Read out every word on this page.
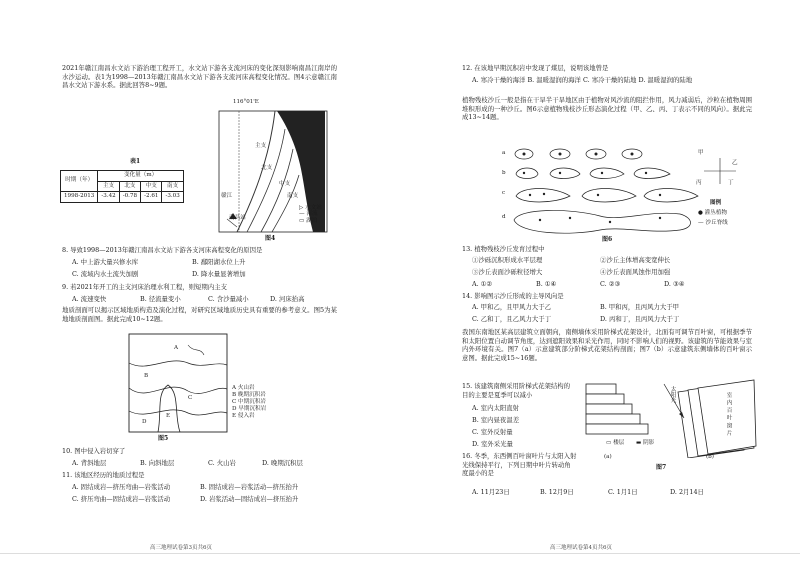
2021年赣江南昌水文站下游治理工程开工，水文站下游各支流河床的变化深刻影响南昌江南岸的水沙运动。表1为1998—2013年赣江南昌水文站下游各支流河床高程变化情况。图4示意赣江南昌水文站下游水系。据此回答8~9题。
116°01'E
主支
北支
中支
南支
赣江
南昌站
▷ 水文站
— 河流
▭ 湖泊
图4
表1
时期（年）	变化量（m）			
	主支	北支	中支	南支
1998-2013	-3.42	-0.78	-2.61	-3.03
8. 导致1998—2013年赣江南昌水文站下游各支河床高程变化的原因是
A. 中上游大量兴修水库	B. 鄱阳湖水位上升
C. 流域内水土流失加剧	D. 降水量显著增加
9. 若2021年开工的主支河床治理水利工程，则短期内主支
A. 流速变快	B. 径流量变小	C. 含沙量减小	D. 河床抬高
地质剖面可以揭示区域地质构造及演化过程，对研究区域地质历史具有重要的参考意义。图5为某地地质剖面图。据此完成10~12题。
A
B
C
D
E
A 火山岩
B 晚期沉积岩
C 中期沉积岩
D 早期沉积岩
E 侵入岩
图5
10. 图中侵入岩切穿了
A. 背斜地层	B. 向斜地层	C. 火山岩	D. 晚期沉积层
11. 该地区经历的地质过程是
A. 固结成岩—挤压弯曲—岩浆活动	B. 固结成岩—岩浆活动—挤压抬升
C. 挤压弯曲—固结成岩—岩浆活动	D. 岩浆活动—固结成岩—挤压抬升
高三地理试卷第3页共6页
12. 在该地早期沉积岩中发现了煤层，说明该地曾是
A. 寒冷干燥的海洋 B. 温暖湿润的海洋 C. 寒冷干燥的陆地 D. 温暖湿润的陆地
植物残枝沙丘一般是指在干旱半干旱地区由于植物对风沙流的阻拦作用，风力减弱后，沙粒在植物周围堆积形成的一种沙丘。图6示意植物残枝沙丘形态演化过程（甲、乙、丙、丁表示不同的风向）。据此完成13~14题。
a
b
c
d
甲
乙
丙	丁
图例
● 灌丛植物
— 沙丘脊线
图6
13. 植物残枝沙丘发育过程中
①沙砾沉积形成水平层理	②沙丘主体增高变宽伸长
③沙丘表面沙砾粒径增大	④沙丘表面风蚀作用加强
A. ①②	B. ①④	C. ②③	D. ③④
14. 影响图示沙丘形成的主导风向是
A. 甲和乙，且甲风力大于乙	B. 甲和丙，且丙风力大于甲
C. 乙和丁，且乙风力大于丁	D. 丙和丁，且丙风力大于丁
我国东南地区某高层建筑立面朝向，南侧墙体采用阶梯式花架设计，北面有可调节百叶窗，可根据季节和太阳位置自动调节角度，达到遮阳效果和采光作用，同时不影响人们的视野。该建筑的节能效果与室内外环境有关。图7（a）示意建筑部分阶梯式花架结构剖面；图7（b）示意建筑东侧墙体的百叶窗示意图。据此完成15~16题。
15. 该建筑南侧采用阶梯式花架结构的目的主要是夏季可以减小
A. 室内太阳直射
B. 室内昼夜温差
C. 室外反射量
D. 室外采光量
16. 冬季，东西侧百叶窗叶片与太阳入射光线保持平行，下列日期中叶片转动角度最小的是
A. 11月23日	B. 12月9日	C. 1月1日	D. 2月14日
太阳光	室内百叶窗片
▭ 楼层 ▬ 阴影
(a)	(b)
图7
高三地理试卷第4页共6页
